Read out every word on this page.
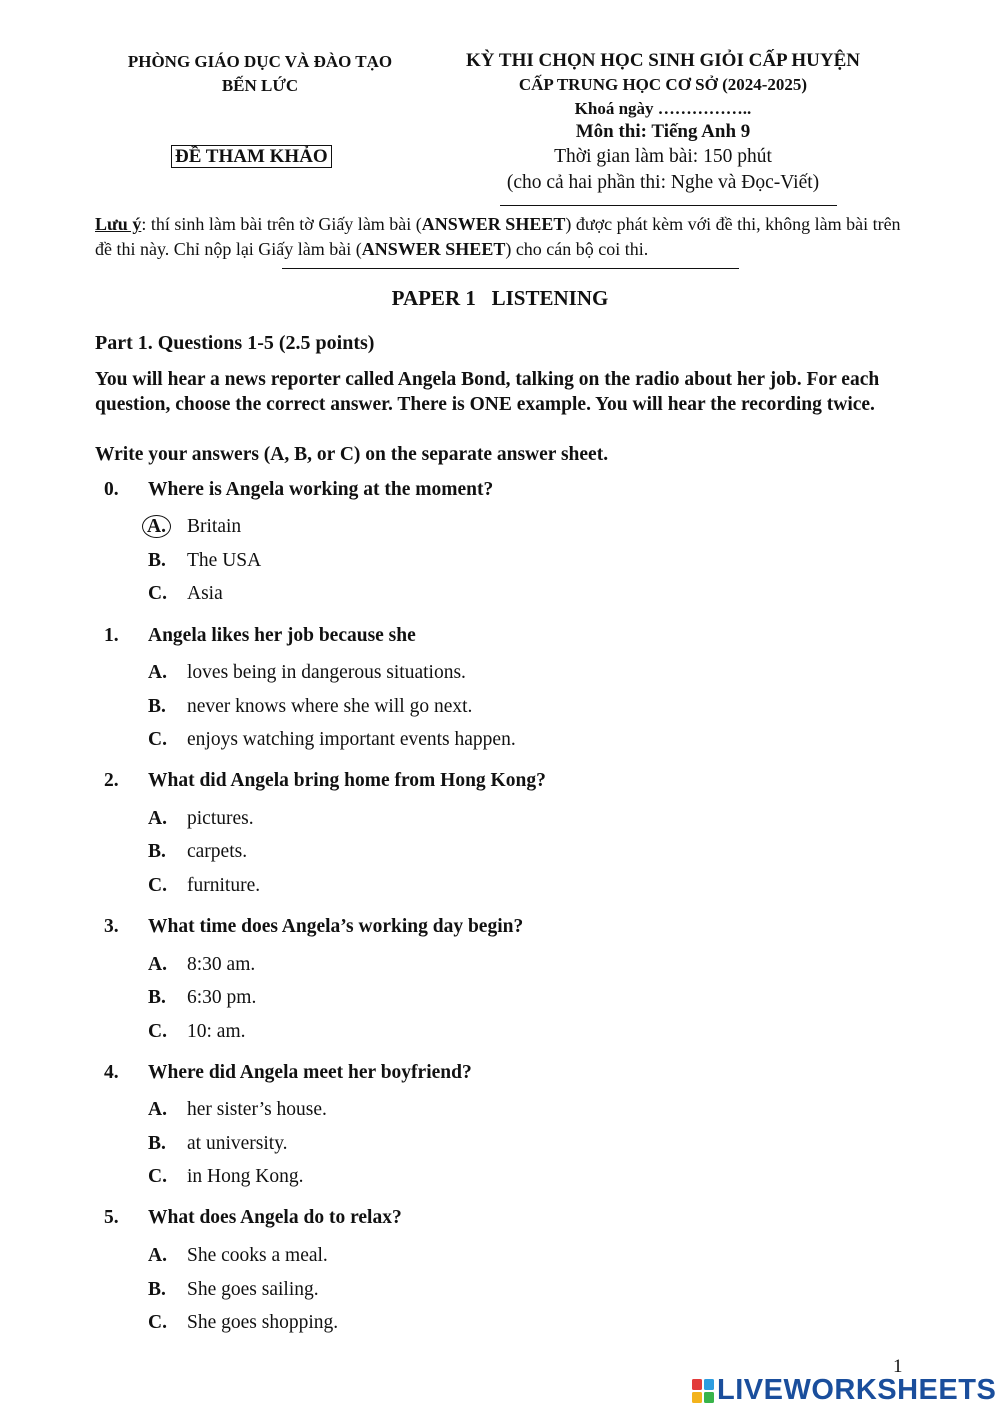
PHÒNG GIÁO DỤC VÀ ĐÀO TẠO
BẾN LỨC
ĐỀ THAM KHẢO
KỲ THI CHỌN HỌC SINH GIỎI CẤP HUYỆN
CẤP TRUNG HỌC CƠ SỞ (2024-2025)
Khoá ngày ……………..
Môn thi: Tiếng Anh 9
Thời gian làm bài: 150 phút
(cho cả hai phần thi: Nghe và Đọc-Viết)
Lưu ý: thí sinh làm bài trên tờ Giấy làm bài (ANSWER SHEET) được phát kèm với đề thi, không làm bài trên đề thi này. Chỉ nộp lại Giấy làm bài (ANSWER SHEET) cho cán bộ coi thi.
PAPER 1   LISTENING
Part 1. Questions 1-5 (2.5 points)
You will hear a news reporter called Angela Bond, talking on the radio about her job. For each question, choose the correct answer. There is ONE example. You will hear the recording twice.
Write your answers (A, B, or C) on the separate answer sheet.
0. Where is Angela working at the moment?
A. Britain
B. The USA
C. Asia
1. Angela likes her job because she
A. loves being in dangerous situations.
B. never knows where she will go next.
C. enjoys watching important events happen.
2. What did Angela bring home from Hong Kong?
A. pictures.
B. carpets.
C. furniture.
3. What time does Angela’s working day begin?
A. 8:30 am.
B. 6:30 pm.
C. 10: am.
4. Where did Angela meet her boyfriend?
A. her sister’s house.
B. at university.
C. in Hong Kong.
5. What does Angela do to relax?
A. She cooks a meal.
B. She goes sailing.
C. She goes shopping.
1
LIVEWORKSHEETS
